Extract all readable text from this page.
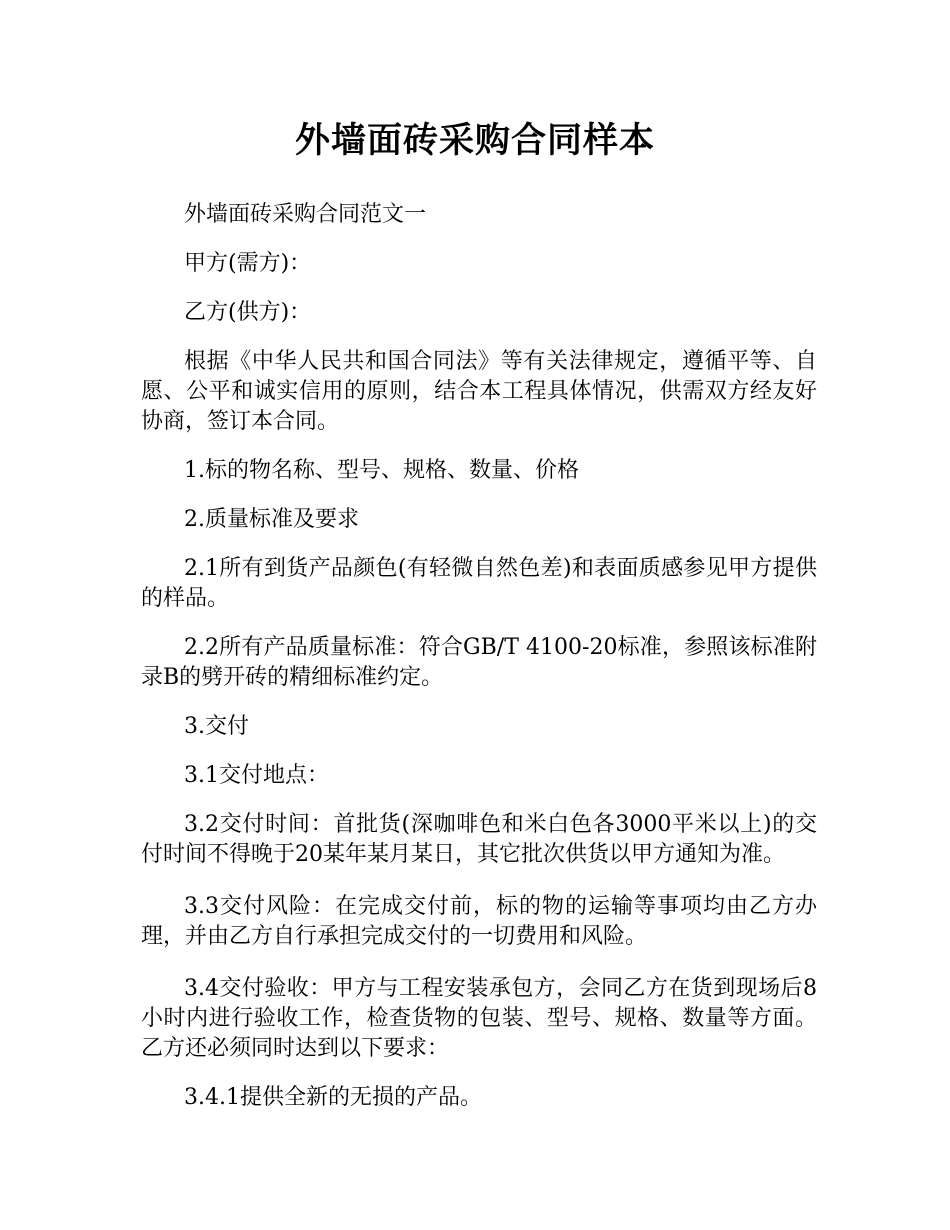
外墙面砖采购合同样本

外墙面砖采购合同范文一

甲方(需方)：

乙方(供方)：

根据《中华人民共和国合同法》等有关法律规定，遵循平等、自愿、公平和诚实信用的原则，结合本工程具体情况，供需双方经友好协商，签订本合同。

1.标的物名称、型号、规格、数量、价格

2.质量标准及要求

2.1所有到货产品颜色(有轻微自然色差)和表面质感参见甲方提供的样品。

2.2所有产品质量标准：符合GB/T 4100-20标准，参照该标准附录B的劈开砖的精细标准约定。

3.交付

3.1交付地点：

3.2交付时间：首批货(深咖啡色和米白色各3000平米以上)的交付时间不得晚于20某年某月某日，其它批次供货以甲方通知为准。

3.3交付风险：在完成交付前，标的物的运输等事项均由乙方办理，并由乙方自行承担完成交付的一切费用和风险。

3.4交付验收：甲方与工程安装承包方，会同乙方在货到现场后8小时内进行验收工作，检查货物的包装、型号、规格、数量等方面。乙方还必须同时达到以下要求：

3.4.1提供全新的无损的产品。
